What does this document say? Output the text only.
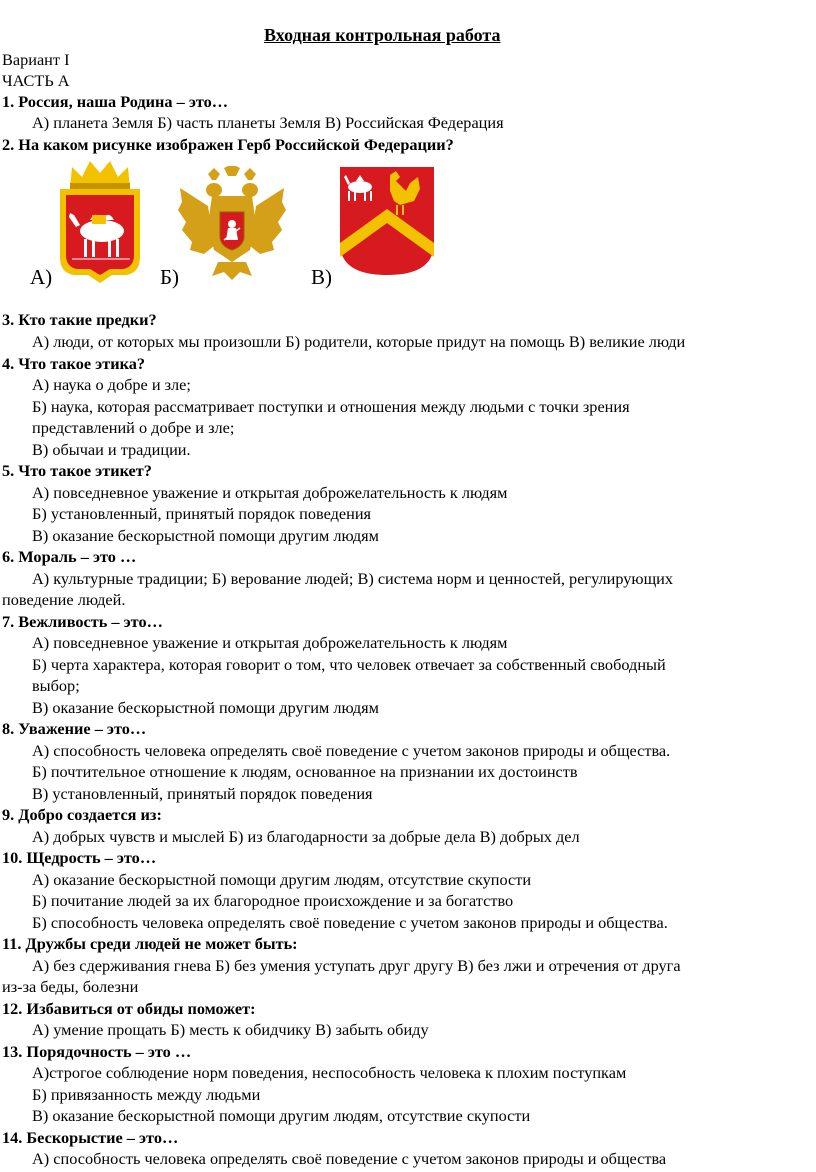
Входная контрольная работа
Вариант I
ЧАСТЬ А
1. Россия, наша Родина – это…
А) планета Земля Б) часть планеты Земля В) Российская Федерация
2. На каком рисунке изображен Герб Российской Федерации?
А)	Б)	В)
3. Кто такие предки?
А) люди, от которых мы произошли Б) родители, которые придут на помощь В) великие люди
4. Что такое этика?
А) наука о добре и зле;
Б) наука, которая рассматривает поступки и отношения между людьми с точки зрения
представлений о добре и зле;
В) обычаи и традиции.
5. Что такое этикет?
А) повседневное уважение и открытая доброжелательность к людям
Б) установленный, принятый порядок поведения
В) оказание бескорыстной помощи другим людям
6. Мораль – это …
А) культурные традиции; Б) верование людей; В) система норм и ценностей, регулирующих
поведение людей.
7. Вежливость – это…
А) повседневное уважение и открытая доброжелательность к людям
Б) черта характера, которая говорит о том, что человек отвечает за собственный свободный
выбор;
В) оказание бескорыстной помощи другим людям
8. Уважение – это…
А) способность человека определять своё поведение с учетом законов природы и общества.
Б) почтительное отношение к людям, основанное на признании их достоинств
В) установленный, принятый порядок поведения
9. Добро создается из:
А) добрых чувств и мыслей Б) из благодарности за добрые дела В) добрых дел
10. Щедрость – это…
А) оказание бескорыстной помощи другим людям, отсутствие скупости
Б) почитание людей за их благородное происхождение и за богатство
Б) способность человека определять своё поведение с учетом законов природы и общества.
11. Дружбы среди людей не может быть:
А) без сдерживания гнева Б) без умения уступать друг другу В) без лжи и отречения от друга
из-за беды, болезни
12. Избавиться от обиды поможет:
А) умение прощать Б) месть к обидчику В) забыть обиду
13. Порядочность – это …
А)строгое соблюдение норм поведения, неспособность человека к плохим поступкам
Б) привязанность между людьми
В) оказание бескорыстной помощи другим людям, отсутствие скупости
14. Бескорыстие – это…
А) способность человека определять своё поведение с учетом законов природы и общества
